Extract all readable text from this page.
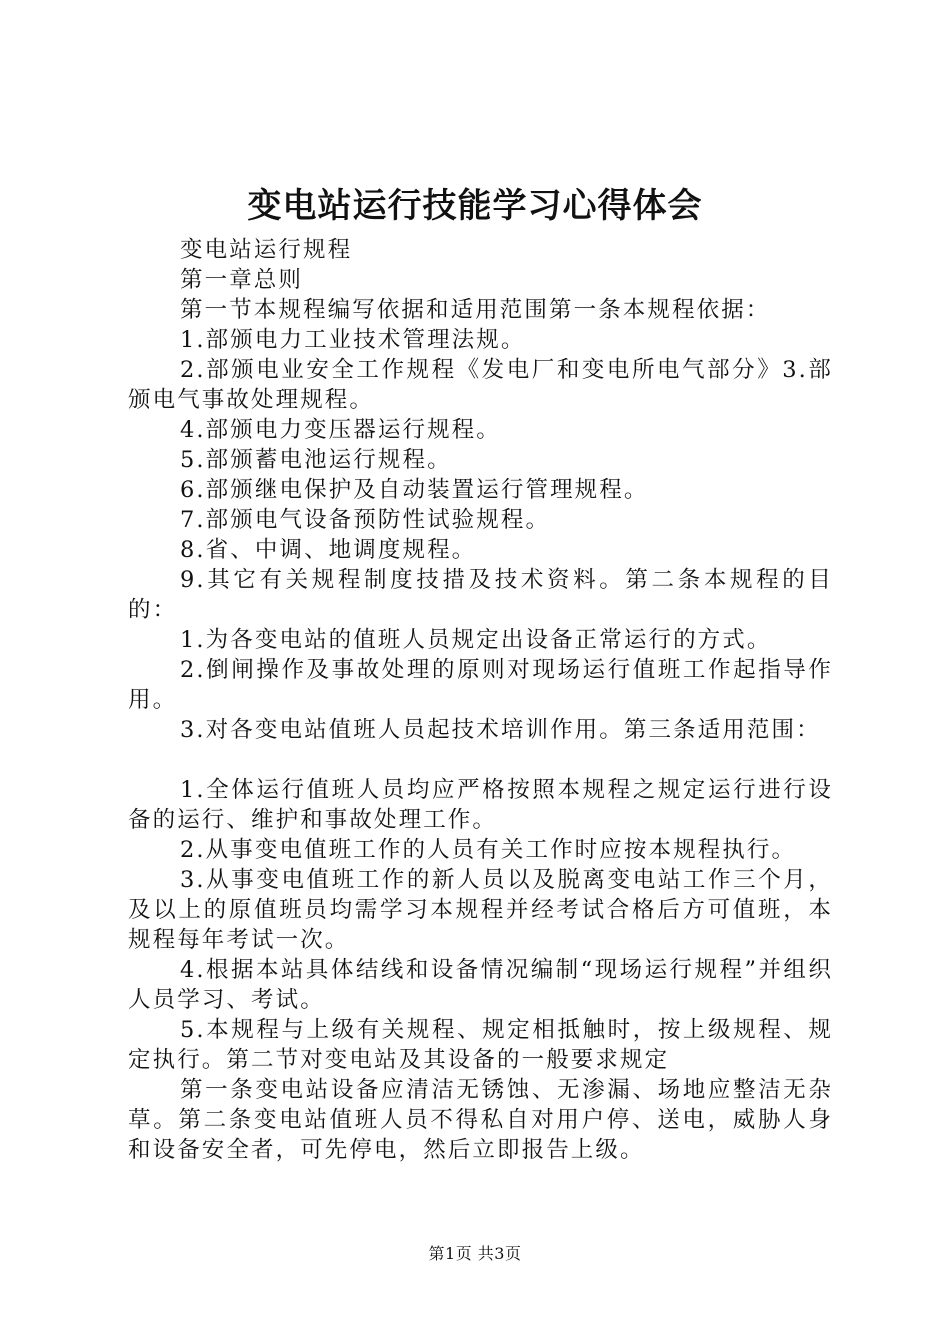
变电站运行技能学习心得体会

变电站运行规程

第一章总则

第一节本规程编写依据和适用范围第一条本规程依据：

1.部颁电力工业技术管理法规。

2.部颁电业安全工作规程《发电厂和变电所电气部分》3.部颁电气事故处理规程。

4.部颁电力变压器运行规程。

5.部颁蓄电池运行规程。

6.部颁继电保护及自动装置运行管理规程。

7.部颁电气设备预防性试验规程。

8.省、中调、地调度规程。

9.其它有关规程制度技措及技术资料。第二条本规程的目的：

1.为各变电站的值班人员规定出设备正常运行的方式。

2.倒闸操作及事故处理的原则对现场运行值班工作起指导作用。

3.对各变电站值班人员起技术培训作用。第三条适用范围：

1.全体运行值班人员均应严格按照本规程之规定运行进行设备的运行、维护和事故处理工作。

2.从事变电值班工作的人员有关工作时应按本规程执行。

3.从事变电值班工作的新人员以及脱离变电站工作三个月，及以上的原值班员均需学习本规程并经考试合格后方可值班，本规程每年考试一次。

4.根据本站具体结线和设备情况编制“现场运行规程”并组织人员学习、考试。

5.本规程与上级有关规程、规定相抵触时，按上级规程、规定执行。第二节对变电站及其设备的一般要求规定

第一条变电站设备应清洁无锈蚀、无渗漏、场地应整洁无杂草。第二条变电站值班人员不得私自对用户停、送电，威胁人身和设备安全者，可先停电，然后立即报告上级。

第1页 共3页
